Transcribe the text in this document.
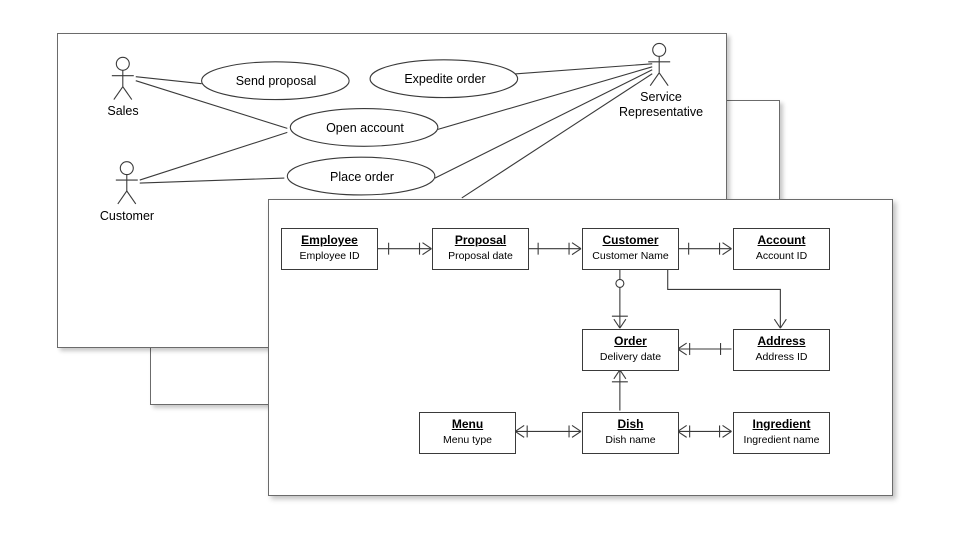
Send proposal	Expedite order
Open account
Place order
Sales
Customer
Service
Representative
Employee
Employee ID
Proposal
Proposal date
Customer
Customer Name
Account
Account ID
Order
Delivery date
Address
Address ID
Menu
Menu type
Dish
Dish name
Ingredient
Ingredient name
